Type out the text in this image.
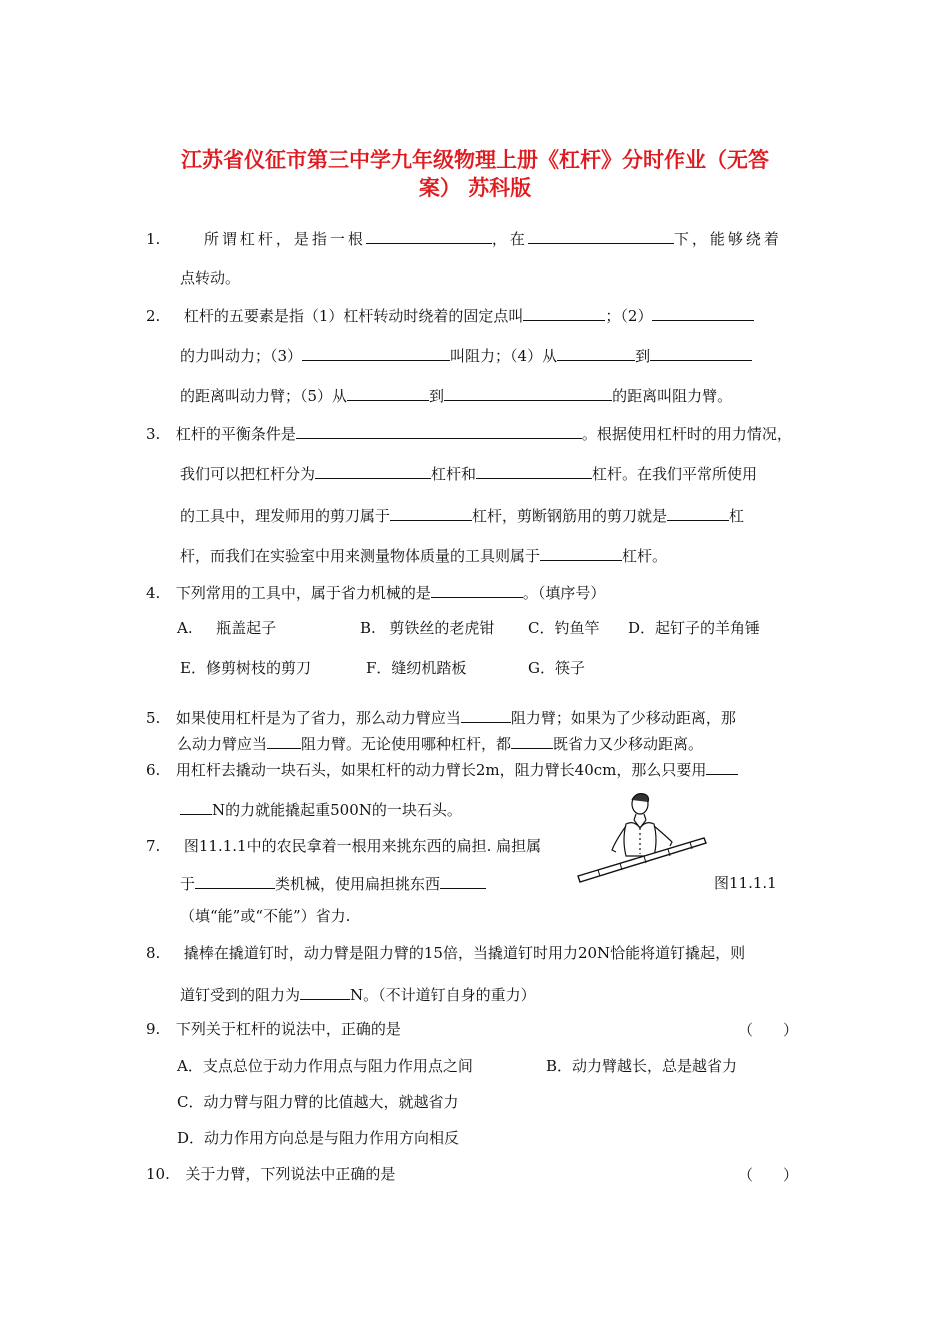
江苏省仪征市第三中学九年级物理上册《杠杆》分时作业（无答
案） 苏科版
1.	所谓杠杆，是指一根	，在	下，能够绕着
点转动。
2. 杠杆的五要素是指（1）杠杆转动时绕着的固定点叫	；（2）
的力叫动力；（3）	叫阻力；（4）从	到
的距离叫动力臂；（5）从	到	的距离叫阻力臂。
3. 杠杆的平衡条件是	。根据使用杠杆时的用力情况，
我们可以把杠杆分为	杠杆和	杠杆。在我们平常所使用
的工具中，理发师用的剪刀属于	杠杆，剪断钢筋用的剪刀就是	杠
杆，而我们在实验室中用来测量物体质量的工具则属于	杠杆。
4. 下列常用的工具中，属于省力机械的是	。（填序号）
A. 瓶盖起子	B. 剪铁丝的老虎钳 C．钓鱼竿 D．起钉子的羊角锤
E．修剪树枝的剪刀	F．缝纫机踏板	G．筷子
5. 如果使用杠杆是为了省力，那么动力臂应当	阻力臂；如果为了少移动距离，那
么动力臂应当 阻力臂。无论使用哪种杠杆，都	既省力又少移动距离。
6. 用杠杆去撬动一块石头，如果杠杆的动力臂长2m，阻力臂长40cm，那么只要用
N的力就能撬起重500N的一块石头。
7. 图11.1.1中的农民拿着一根用来挑东西的扁担. 扁担属
于	类机械，使用扁担挑东西	图11.1.1
（填“能”或“不能”）省力.
8. 撬棒在撬道钉时，动力臂是阻力臂的15倍，当撬道钉时用力20N恰能将道钉撬起，则
道钉受到的阻力为	N。（不计道钉自身的重力）
9. 下列关于杠杆的说法中，正确的是	（　　）
A．支点总位于动力作用点与阻力作用点之间	B．动力臂越长，总是越省力
C．动力臂与阻力臂的比值越大，就越省力
D．动力作用方向总是与阻力作用方向相反
10. 关于力臂，下列说法中正确的是	（　　）
